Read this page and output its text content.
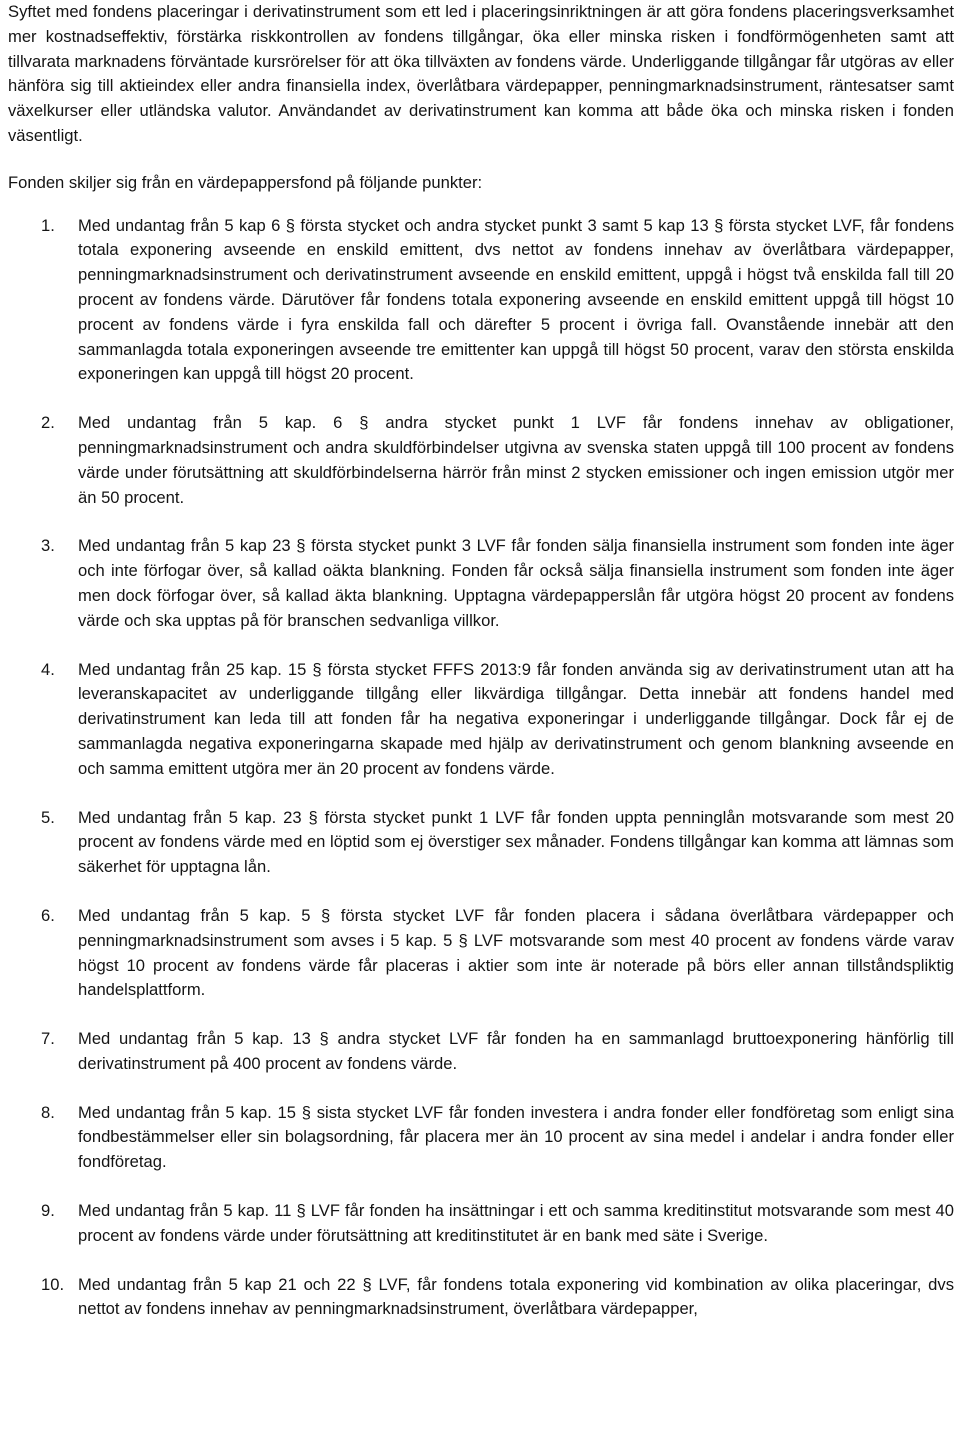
Syftet med fondens placeringar i derivatinstrument som ett led i placeringsinriktningen är att göra fondens placeringsverksamhet mer kostnadseffektiv, förstärka riskkontrollen av fondens tillgångar, öka eller minska risken i fondförmögenheten samt att tillvarata marknadens förväntade kursrörelser för att öka tillväxten av fondens värde. Underliggande tillgångar får utgöras av eller hänföra sig till aktieindex eller andra finansiella index, överlåtbara värdepapper, penningmarknadsinstrument, räntesatser samt växelkurser eller utländska valutor. Användandet av derivatinstrument kan komma att både öka och minska risken i fonden väsentligt.

Fonden skiljer sig från en värdepappersfond på följande punkter:

1.	Med undantag från 5 kap 6 § första stycket och andra stycket punkt 3 samt 5 kap 13 § första stycket LVF, får fondens totala exponering avseende en enskild emittent, dvs nettot av fondens innehav av överlåtbara värdepapper, penningmarknadsinstrument och derivatinstrument avseende en enskild emittent, uppgå i högst två enskilda fall till 20 procent av fondens värde. Därutöver får fondens totala exponering avseende en enskild emittent uppgå till högst 10 procent av fondens värde i fyra enskilda fall och därefter 5 procent i övriga fall. Ovanstående innebär att den sammanlagda totala exponeringen avseende tre emittenter kan uppgå till högst 50 procent, varav den största enskilda exponeringen kan uppgå till högst 20 procent.
2.	Med undantag från 5 kap. 6 § andra stycket punkt 1 LVF får fondens innehav av obligationer, penningmarknadsinstrument och andra skuldförbindelser utgivna av svenska staten uppgå till 100 procent av fondens värde under förutsättning att skuldförbindelserna härrör från minst 2 stycken emissioner och ingen emission utgör mer än 50 procent.
3.	Med undantag från 5 kap 23 § första stycket punkt 3 LVF får fonden sälja finansiella instrument som fonden inte äger och inte förfogar över, så kallad oäkta blankning. Fonden får också sälja finansiella instrument som fonden inte äger men dock förfogar över, så kallad äkta blankning. Upptagna värdepapperslån får utgöra högst 20 procent av fondens värde och ska upptas på för branschen sedvanliga villkor.
4.	Med undantag från 25 kap. 15 § första stycket FFFS 2013:9 får fonden använda sig av derivatinstrument utan att ha leveranskapacitet av underliggande tillgång eller likvärdiga tillgångar. Detta innebär att fondens handel med derivatinstrument kan leda till att fonden får ha negativa exponeringar i underliggande tillgångar. Dock får ej de sammanlagda negativa exponeringarna skapade med hjälp av derivatinstrument och genom blankning avseende en och samma emittent utgöra mer än 20 procent av fondens värde.
5.	Med undantag från 5 kap. 23 § första stycket punkt 1 LVF får fonden uppta penninglån motsvarande som mest 20 procent av fondens värde med en löptid som ej överstiger sex månader. Fondens tillgångar kan komma att lämnas som säkerhet för upptagna lån.
6.	Med undantag från 5 kap. 5 § första stycket LVF får fonden placera i sådana överlåtbara värdepapper och penningmarknadsinstrument som avses i 5 kap. 5 § LVF motsvarande som mest 40 procent av fondens värde varav högst 10 procent av fondens värde får placeras i aktier som inte är noterade på börs eller annan tillståndspliktig handelsplattform.
7.	Med undantag från 5 kap. 13 § andra stycket LVF får fonden ha en sammanlagd bruttoexponering hänförlig till derivatinstrument på 400 procent av fondens värde.
8.	Med undantag från 5 kap. 15 § sista stycket LVF får fonden investera i andra fonder eller fondföretag som enligt sina fondbestämmelser eller sin bolagsordning, får placera mer än 10 procent av sina medel i andelar i andra fonder eller fondföretag.
9.	Med undantag från 5 kap. 11 § LVF får fonden ha insättningar i ett och samma kreditinstitut motsvarande som mest 40 procent av fondens värde under förutsättning att kreditinstitutet är en bank med säte i Sverige.
10. Med undantag från 5 kap 21 och 22 § LVF, får fondens totala exponering vid kombination av olika placeringar, dvs nettot av fondens innehav av penningmarknadsinstrument, överlåtbara värdepapper,
